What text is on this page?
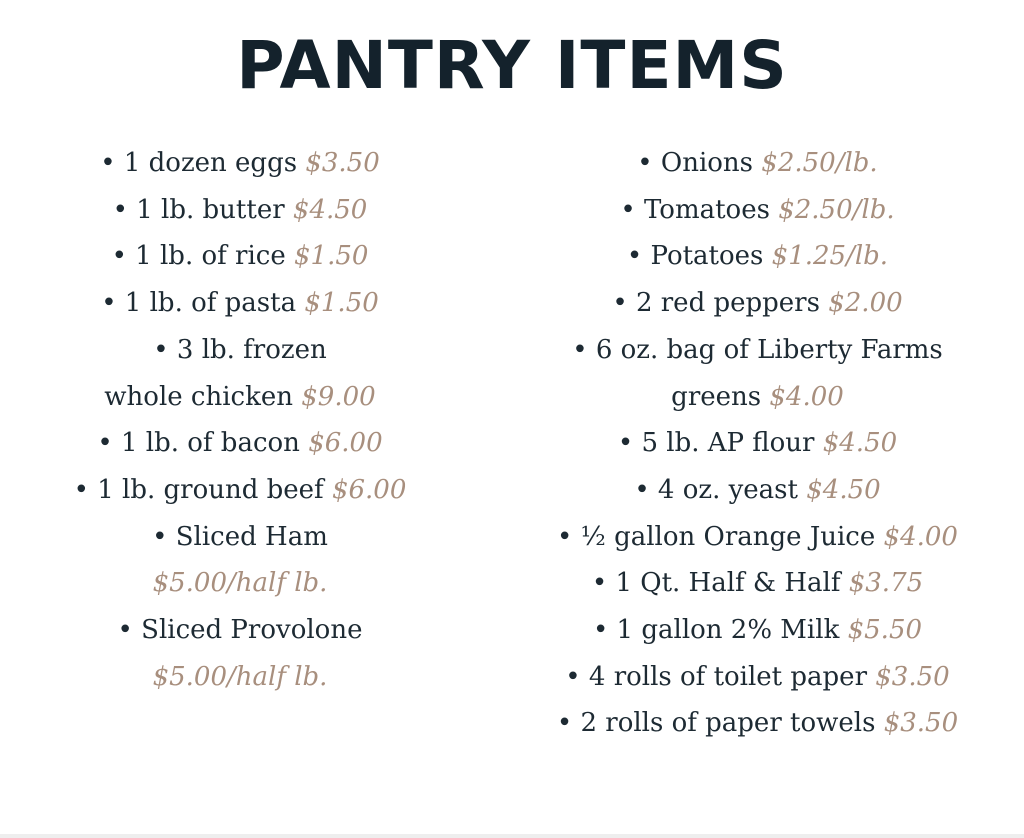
PANTRY ITEMS
• 1 dozen eggs $3.50
• 1 lb. butter $4.50
• 1 lb. of rice $1.50
• 1 lb. of pasta $1.50
• 3 lb. frozen
whole chicken $9.00
• 1 lb. of bacon $6.00
• 1 lb. ground beef $6.00
• Sliced Ham
$5.00/half lb.
• Sliced Provolone
$5.00/half lb.
• Onions $2.50/lb.
• Tomatoes $2.50/lb.
• Potatoes $1.25/lb.
• 2 red peppers $2.00
• 6 oz. bag of Liberty Farms
greens $4.00
• 5 lb. AP flour $4.50
• 4 oz. yeast $4.50
• ½ gallon Orange Juice $4.00
• 1 Qt. Half & Half $3.75
• 1 gallon 2% Milk $5.50
• 4 rolls of toilet paper $3.50
• 2 rolls of paper towels $3.50
